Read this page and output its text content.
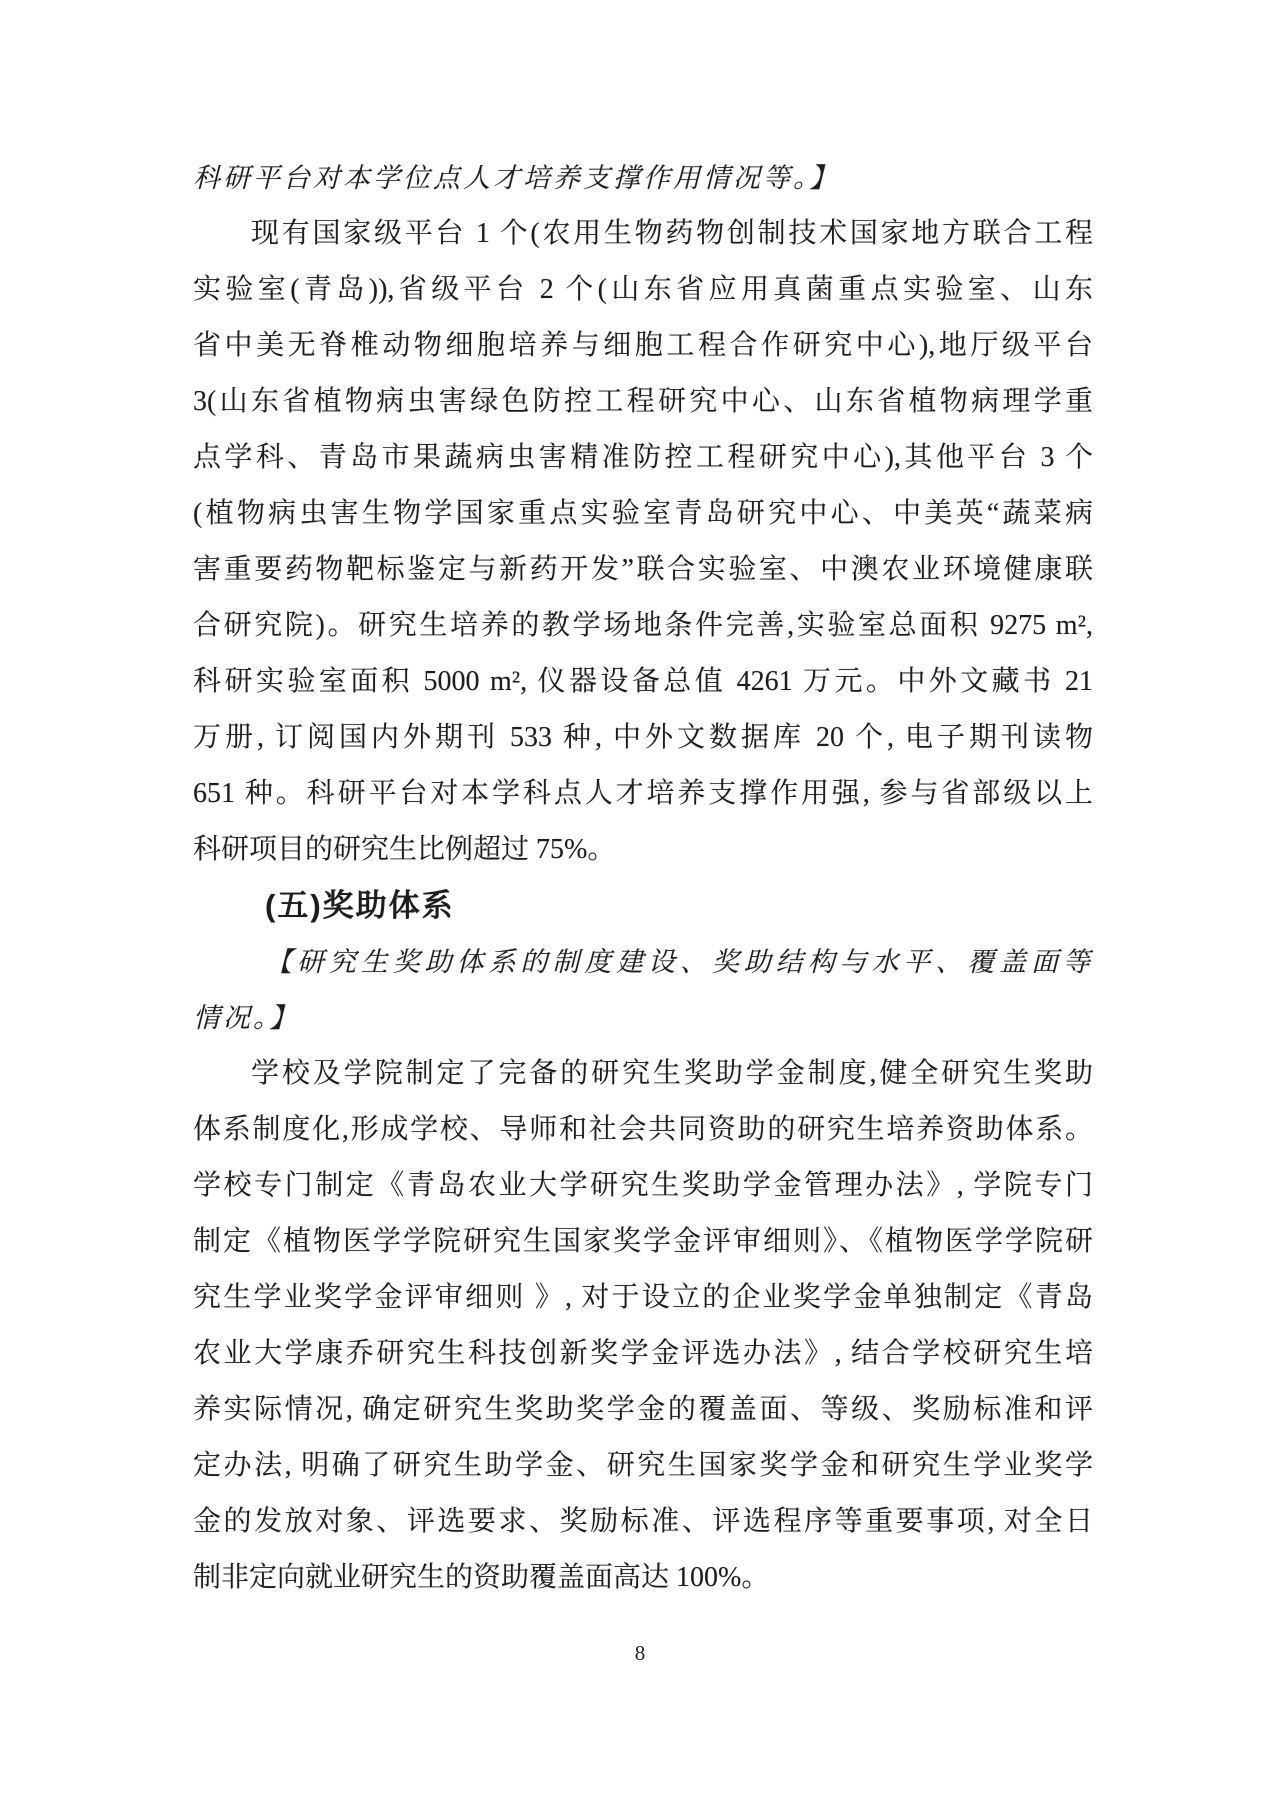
科研平台对本学位点人才培养支撑作用情况等。】
现有国家级平台 1 个(农用生物药物创制技术国家地方联合工程
实验室(青岛)),省级平台 2 个(山东省应用真菌重点实验室、山东
省中美无脊椎动物细胞培养与细胞工程合作研究中心),地厅级平台
3(山东省植物病虫害绿色防控工程研究中心、山东省植物病理学重
点学科、青岛市果蔬病虫害精准防控工程研究中心),其他平台 3 个
(植物病虫害生物学国家重点实验室青岛研究中心、中美英“蔬菜病
害重要药物靶标鉴定与新药开发”联合实验室、中澳农业环境健康联
合研究院)。研究生培养的教学场地条件完善,实验室总面积 9275 m²,
科研实验室面积 5000 m², 仪器设备总值 4261 万元。中外文藏书 21
万册, 订阅国内外期刊 533 种, 中外文数据库 20 个, 电子期刊读物
651 种。科研平台对本学科点人才培养支撑作用强, 参与省部级以上
科研项目的研究生比例超过 75%。
(五)奖助体系
【研究生奖助体系的制度建设、奖助结构与水平、覆盖面等
情况。】
学校及学院制定了完备的研究生奖助学金制度,健全研究生奖助
体系制度化,形成学校、导师和社会共同资助的研究生培养资助体系。
学校专门制定《青岛农业大学研究生奖助学金管理办法》, 学院专门
制定《植物医学学院研究生国家奖学金评审细则》、《植物医学学院研
究生学业奖学金评审细则 》, 对于设立的企业奖学金单独制定《青岛
农业大学康乔研究生科技创新奖学金评选办法》, 结合学校研究生培
养实际情况, 确定研究生奖助奖学金的覆盖面、等级、奖励标准和评
定办法, 明确了研究生助学金、研究生国家奖学金和研究生学业奖学
金的发放对象、评选要求、奖励标准、评选程序等重要事项, 对全日
制非定向就业研究生的资助覆盖面高达 100%。
8
